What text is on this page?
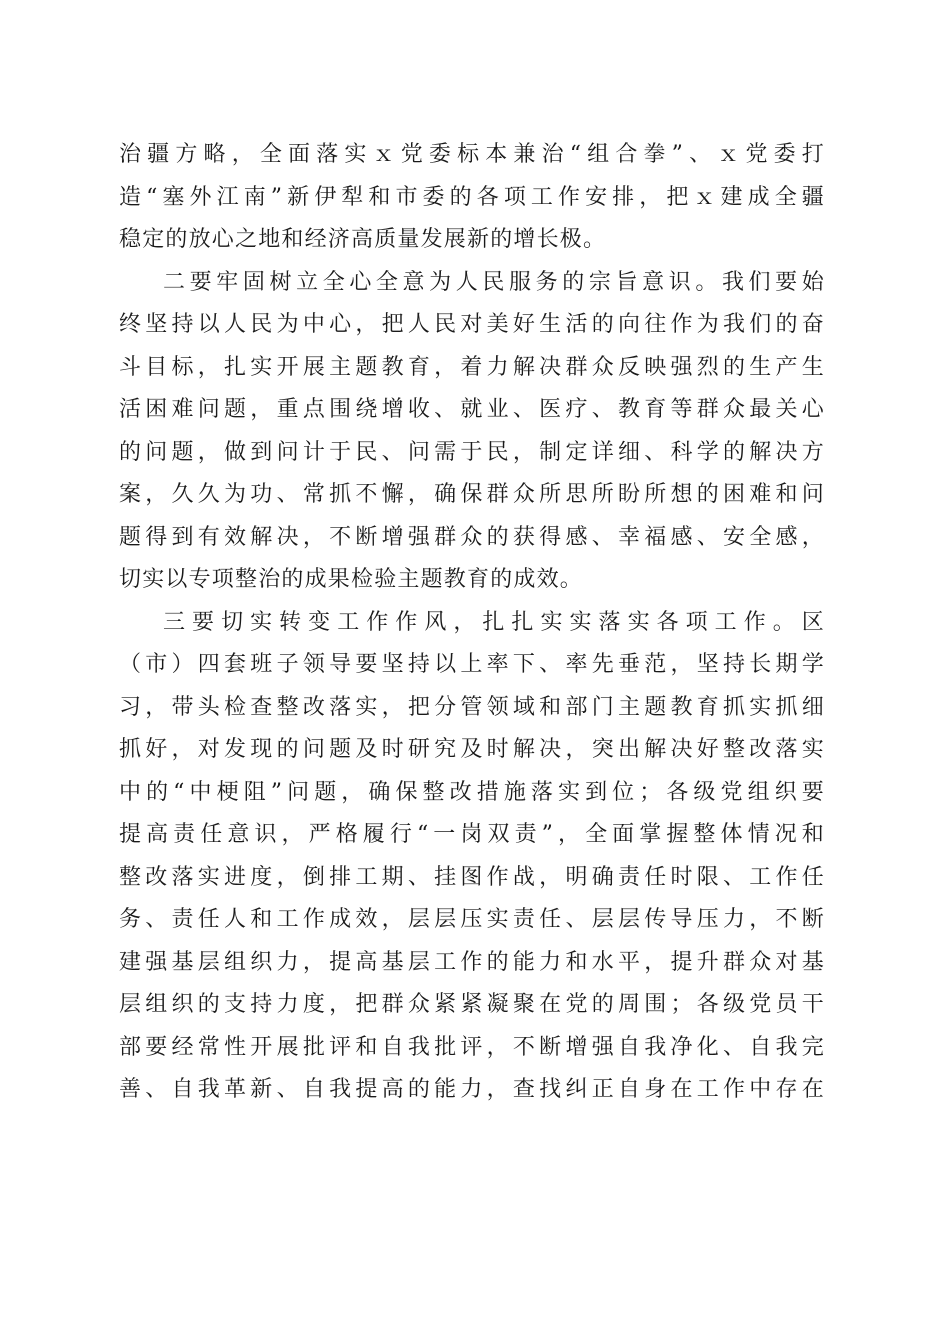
治疆方略，全面落实ｘ党委标本兼治“组合拳”、ｘ党委打
造“塞外江南”新伊犁和市委的各项工作安排，把ｘ建成全疆
稳定的放心之地和经济高质量发展新的增长极。
二要牢固树立全心全意为人民服务的宗旨意识。我们要始
终坚持以人民为中心，把人民对美好生活的向往作为我们的奋
斗目标，扎实开展主题教育，着力解决群众反映强烈的生产生
活困难问题，重点围绕增收、就业、医疗、教育等群众最关心
的问题，做到问计于民、问需于民，制定详细、科学的解决方
案，久久为功、常抓不懈，确保群众所思所盼所想的困难和问
题得到有效解决，不断增强群众的获得感、幸福感、安全感，
切实以专项整治的成果检验主题教育的成效。
三要切实转变工作作风，扎扎实实落实各项工作。区
（市）四套班子领导要坚持以上率下、率先垂范，坚持长期学
习，带头检查整改落实，把分管领域和部门主题教育抓实抓细
抓好，对发现的问题及时研究及时解决，突出解决好整改落实
中的“中梗阻”问题，确保整改措施落实到位；各级党组织要
提高责任意识，严格履行“一岗双责”，全面掌握整体情况和
整改落实进度，倒排工期、挂图作战，明确责任时限、工作任
务、责任人和工作成效，层层压实责任、层层传导压力，不断
建强基层组织力，提高基层工作的能力和水平，提升群众对基
层组织的支持力度，把群众紧紧凝聚在党的周围；各级党员干
部要经常性开展批评和自我批评，不断增强自我净化、自我完
善、自我革新、自我提高的能力，查找纠正自身在工作中存在
